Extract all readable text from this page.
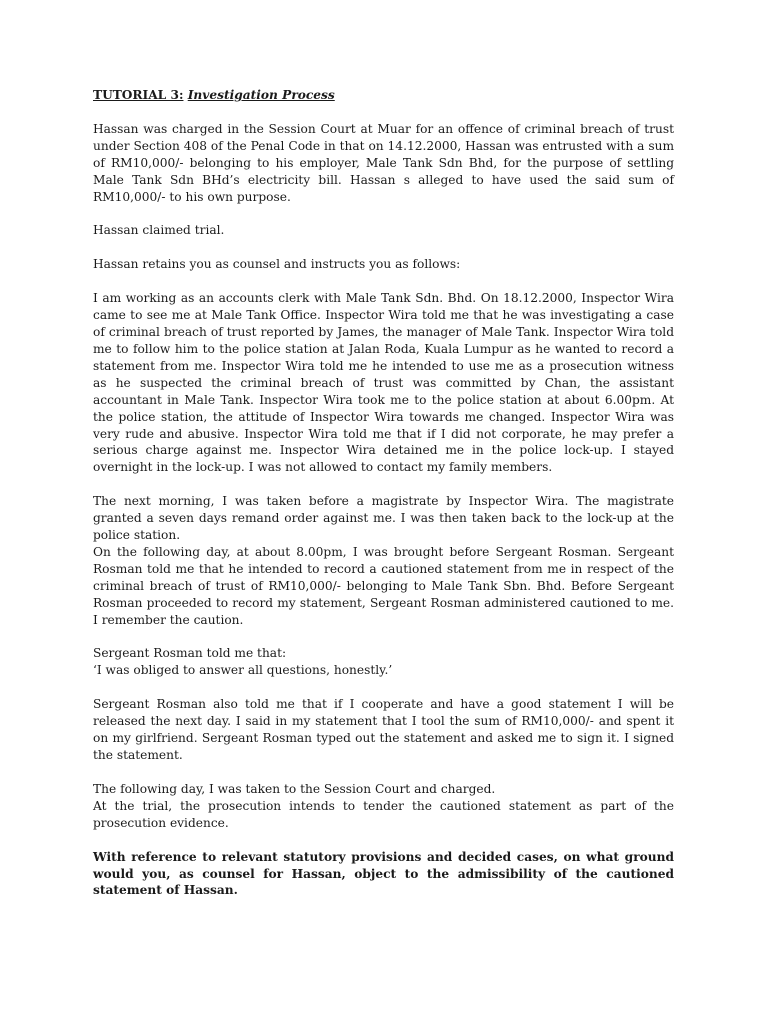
TUTORIAL 3: Investigation Process

Hassan was charged in the Session Court at Muar for an offence of criminal breach of trust under Section 408 of the Penal Code in that on 14.12.2000, Hassan was entrusted with a sum of RM10,000/- belonging to his employer, Male Tank Sdn Bhd, for the purpose of settling Male Tank Sdn BHd’s electricity bill. Hassan s alleged to have used the said sum of RM10,000/- to his own purpose.

Hassan claimed trial.

Hassan retains you as counsel and instructs you as follows:

I am working as an accounts clerk with Male Tank Sdn. Bhd. On 18.12.2000, Inspector Wira came to see me at Male Tank Office. Inspector Wira told me that he was investigating a case of criminal breach of trust reported by James, the manager of Male Tank. Inspector Wira told me to follow him to the police station at Jalan Roda, Kuala Lumpur as he wanted to record a statement from me. Inspector Wira told me he intended to use me as a prosecution witness as he suspected the criminal breach of trust was committed by Chan, the assistant accountant in Male Tank. Inspector Wira took me to the police station at about 6.00pm. At the police station, the attitude of Inspector Wira towards me changed. Inspector Wira was very rude and abusive. Inspector Wira told me that if I did not corporate, he may prefer a serious charge against me. Inspector Wira detained me in the police lock-up. I stayed overnight in the lock-up. I was not allowed to contact my family members.

The next morning, I was taken before a magistrate by Inspector Wira. The magistrate granted a seven days remand order against me. I was then taken back to the lock-up at the police station.

On the following day, at about 8.00pm, I was brought before Sergeant Rosman. Sergeant Rosman told me that he intended to record a cautioned statement from me in respect of the criminal breach of trust of RM10,000/- belonging to Male Tank Sbn. Bhd. Before Sergeant Rosman proceeded to record my statement, Sergeant Rosman administered cautioned to me. I remember the caution.

Sergeant Rosman told me that:

‘I was obliged to answer all questions, honestly.’

Sergeant Rosman also told me that if I cooperate and have a good statement I will be released the next day. I said in my statement that I tool the sum of RM10,000/- and spent it on my girlfriend. Sergeant Rosman typed out the statement and asked me to sign it. I signed the statement.

The following day, I was taken to the Session Court and charged.

At the trial, the prosecution intends to tender the cautioned statement as part of the prosecution evidence.

With reference to relevant statutory provisions and decided cases, on what ground would you, as counsel for Hassan, object to the admissibility of the cautioned statement of Hassan.
